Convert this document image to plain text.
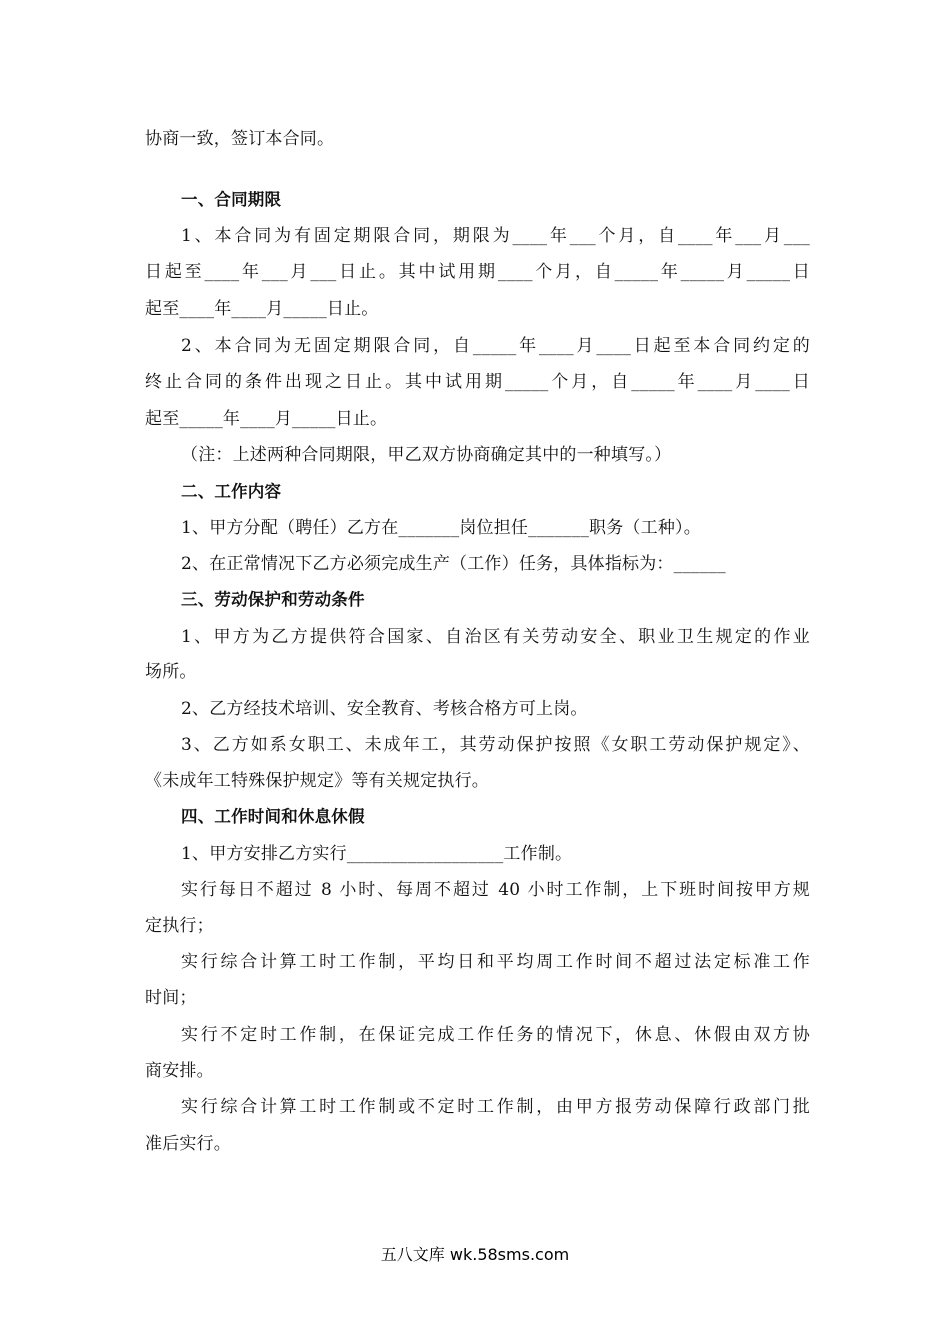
协商一致，签订本合同。
一、合同期限
1、本合同为有固定期限合同，期限为____年___个月，自____年___月___
日起至____年___月___日止。其中试用期____个月，自_____年_____月_____日
起至____年____月_____日止。
2、本合同为无固定期限合同，自_____年____月____日起至本合同约定的
终止合同的条件出现之日止。其中试用期_____个月，自_____年____月____日
起至_____年____月_____日止。
（注：上述两种合同期限，甲乙双方协商确定其中的一种填写。）
二、工作内容
1、甲方分配（聘任）乙方在_______岗位担任_______职务（工种）。
2、在正常情况下乙方必须完成生产（工作）任务，具体指标为：______
三、劳动保护和劳动条件
1、甲方为乙方提供符合国家、自治区有关劳动安全、职业卫生规定的作业
场所。
2、乙方经技术培训、安全教育、考核合格方可上岗。
3、乙方如系女职工、未成年工，其劳动保护按照《女职工劳动保护规定》、
《未成年工特殊保护规定》等有关规定执行。
四、工作时间和休息休假
1、甲方安排乙方实行__________________工作制。
实行每日不超过 8 小时、每周不超过 40 小时工作制，上下班时间按甲方规
定执行；
实行综合计算工时工作制，平均日和平均周工作时间不超过法定标准工作
时间；
实行不定时工作制，在保证完成工作任务的情况下，休息、休假由双方协
商安排。
实行综合计算工时工作制或不定时工作制，由甲方报劳动保障行政部门批
准后实行。
五八文库 wk.58sms.com
